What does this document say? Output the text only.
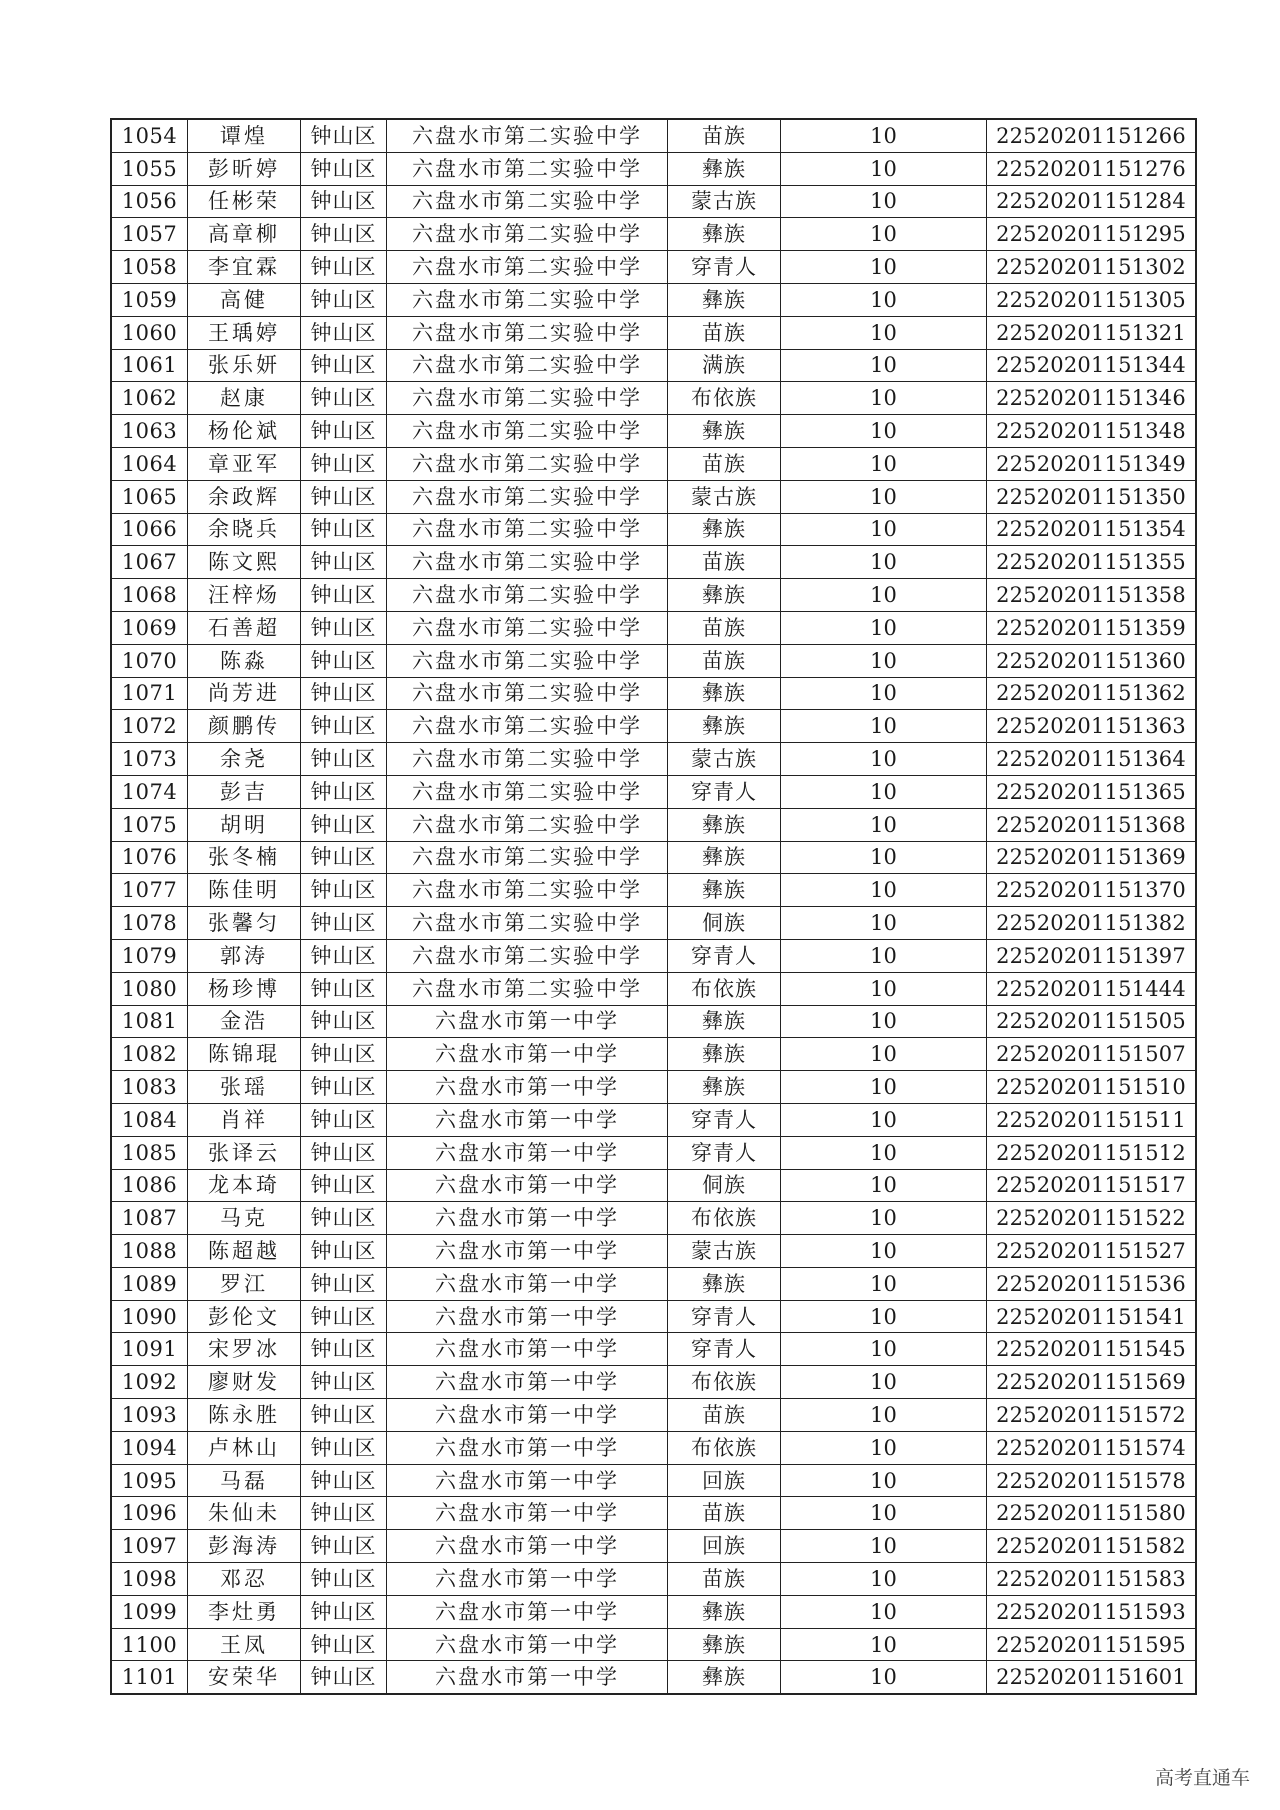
1054	谭煌	钟山区	六盘水市第二实验中学	苗族	10	22520201151266
1055	彭昕婷	钟山区	六盘水市第二实验中学	彝族	10	22520201151276
1056	任彬荣	钟山区	六盘水市第二实验中学	蒙古族	10	22520201151284
1057	高章柳	钟山区	六盘水市第二实验中学	彝族	10	22520201151295
1058	李宜霖	钟山区	六盘水市第二实验中学	穿青人	10	22520201151302
1059	高健	钟山区	六盘水市第二实验中学	彝族	10	22520201151305
1060	王瑀婷	钟山区	六盘水市第二实验中学	苗族	10	22520201151321
1061	张乐妍	钟山区	六盘水市第二实验中学	满族	10	22520201151344
1062	赵康	钟山区	六盘水市第二实验中学	布依族	10	22520201151346
1063	杨伦斌	钟山区	六盘水市第二实验中学	彝族	10	22520201151348
1064	章亚军	钟山区	六盘水市第二实验中学	苗族	10	22520201151349
1065	余政辉	钟山区	六盘水市第二实验中学	蒙古族	10	22520201151350
1066	余晓兵	钟山区	六盘水市第二实验中学	彝族	10	22520201151354
1067	陈文熙	钟山区	六盘水市第二实验中学	苗族	10	22520201151355
1068	汪梓炀	钟山区	六盘水市第二实验中学	彝族	10	22520201151358
1069	石善超	钟山区	六盘水市第二实验中学	苗族	10	22520201151359
1070	陈淼	钟山区	六盘水市第二实验中学	苗族	10	22520201151360
1071	尚芳进	钟山区	六盘水市第二实验中学	彝族	10	22520201151362
1072	颜鹏传	钟山区	六盘水市第二实验中学	彝族	10	22520201151363
1073	余尧	钟山区	六盘水市第二实验中学	蒙古族	10	22520201151364
1074	彭吉	钟山区	六盘水市第二实验中学	穿青人	10	22520201151365
1075	胡明	钟山区	六盘水市第二实验中学	彝族	10	22520201151368
1076	张冬楠	钟山区	六盘水市第二实验中学	彝族	10	22520201151369
1077	陈佳明	钟山区	六盘水市第二实验中学	彝族	10	22520201151370
1078	张馨匀	钟山区	六盘水市第二实验中学	侗族	10	22520201151382
1079	郭涛	钟山区	六盘水市第二实验中学	穿青人	10	22520201151397
1080	杨珍博	钟山区	六盘水市第二实验中学	布依族	10	22520201151444
1081	金浩	钟山区	六盘水市第一中学	彝族	10	22520201151505
1082	陈锦琨	钟山区	六盘水市第一中学	彝族	10	22520201151507
1083	张瑶	钟山区	六盘水市第一中学	彝族	10	22520201151510
1084	肖祥	钟山区	六盘水市第一中学	穿青人	10	22520201151511
1085	张译云	钟山区	六盘水市第一中学	穿青人	10	22520201151512
1086	龙本琦	钟山区	六盘水市第一中学	侗族	10	22520201151517
1087	马克	钟山区	六盘水市第一中学	布依族	10	22520201151522
1088	陈超越	钟山区	六盘水市第一中学	蒙古族	10	22520201151527
1089	罗江	钟山区	六盘水市第一中学	彝族	10	22520201151536
1090	彭伦文	钟山区	六盘水市第一中学	穿青人	10	22520201151541
1091	宋罗冰	钟山区	六盘水市第一中学	穿青人	10	22520201151545
1092	廖财发	钟山区	六盘水市第一中学	布依族	10	22520201151569
1093	陈永胜	钟山区	六盘水市第一中学	苗族	10	22520201151572
1094	卢林山	钟山区	六盘水市第一中学	布依族	10	22520201151574
1095	马磊	钟山区	六盘水市第一中学	回族	10	22520201151578
1096	朱仙未	钟山区	六盘水市第一中学	苗族	10	22520201151580
1097	彭海涛	钟山区	六盘水市第一中学	回族	10	22520201151582
1098	邓忍	钟山区	六盘水市第一中学	苗族	10	22520201151583
1099	李灶勇	钟山区	六盘水市第一中学	彝族	10	22520201151593
1100	王凤	钟山区	六盘水市第一中学	彝族	10	22520201151595
1101	安荣华	钟山区	六盘水市第一中学	彝族	10	22520201151601
高考直通车
